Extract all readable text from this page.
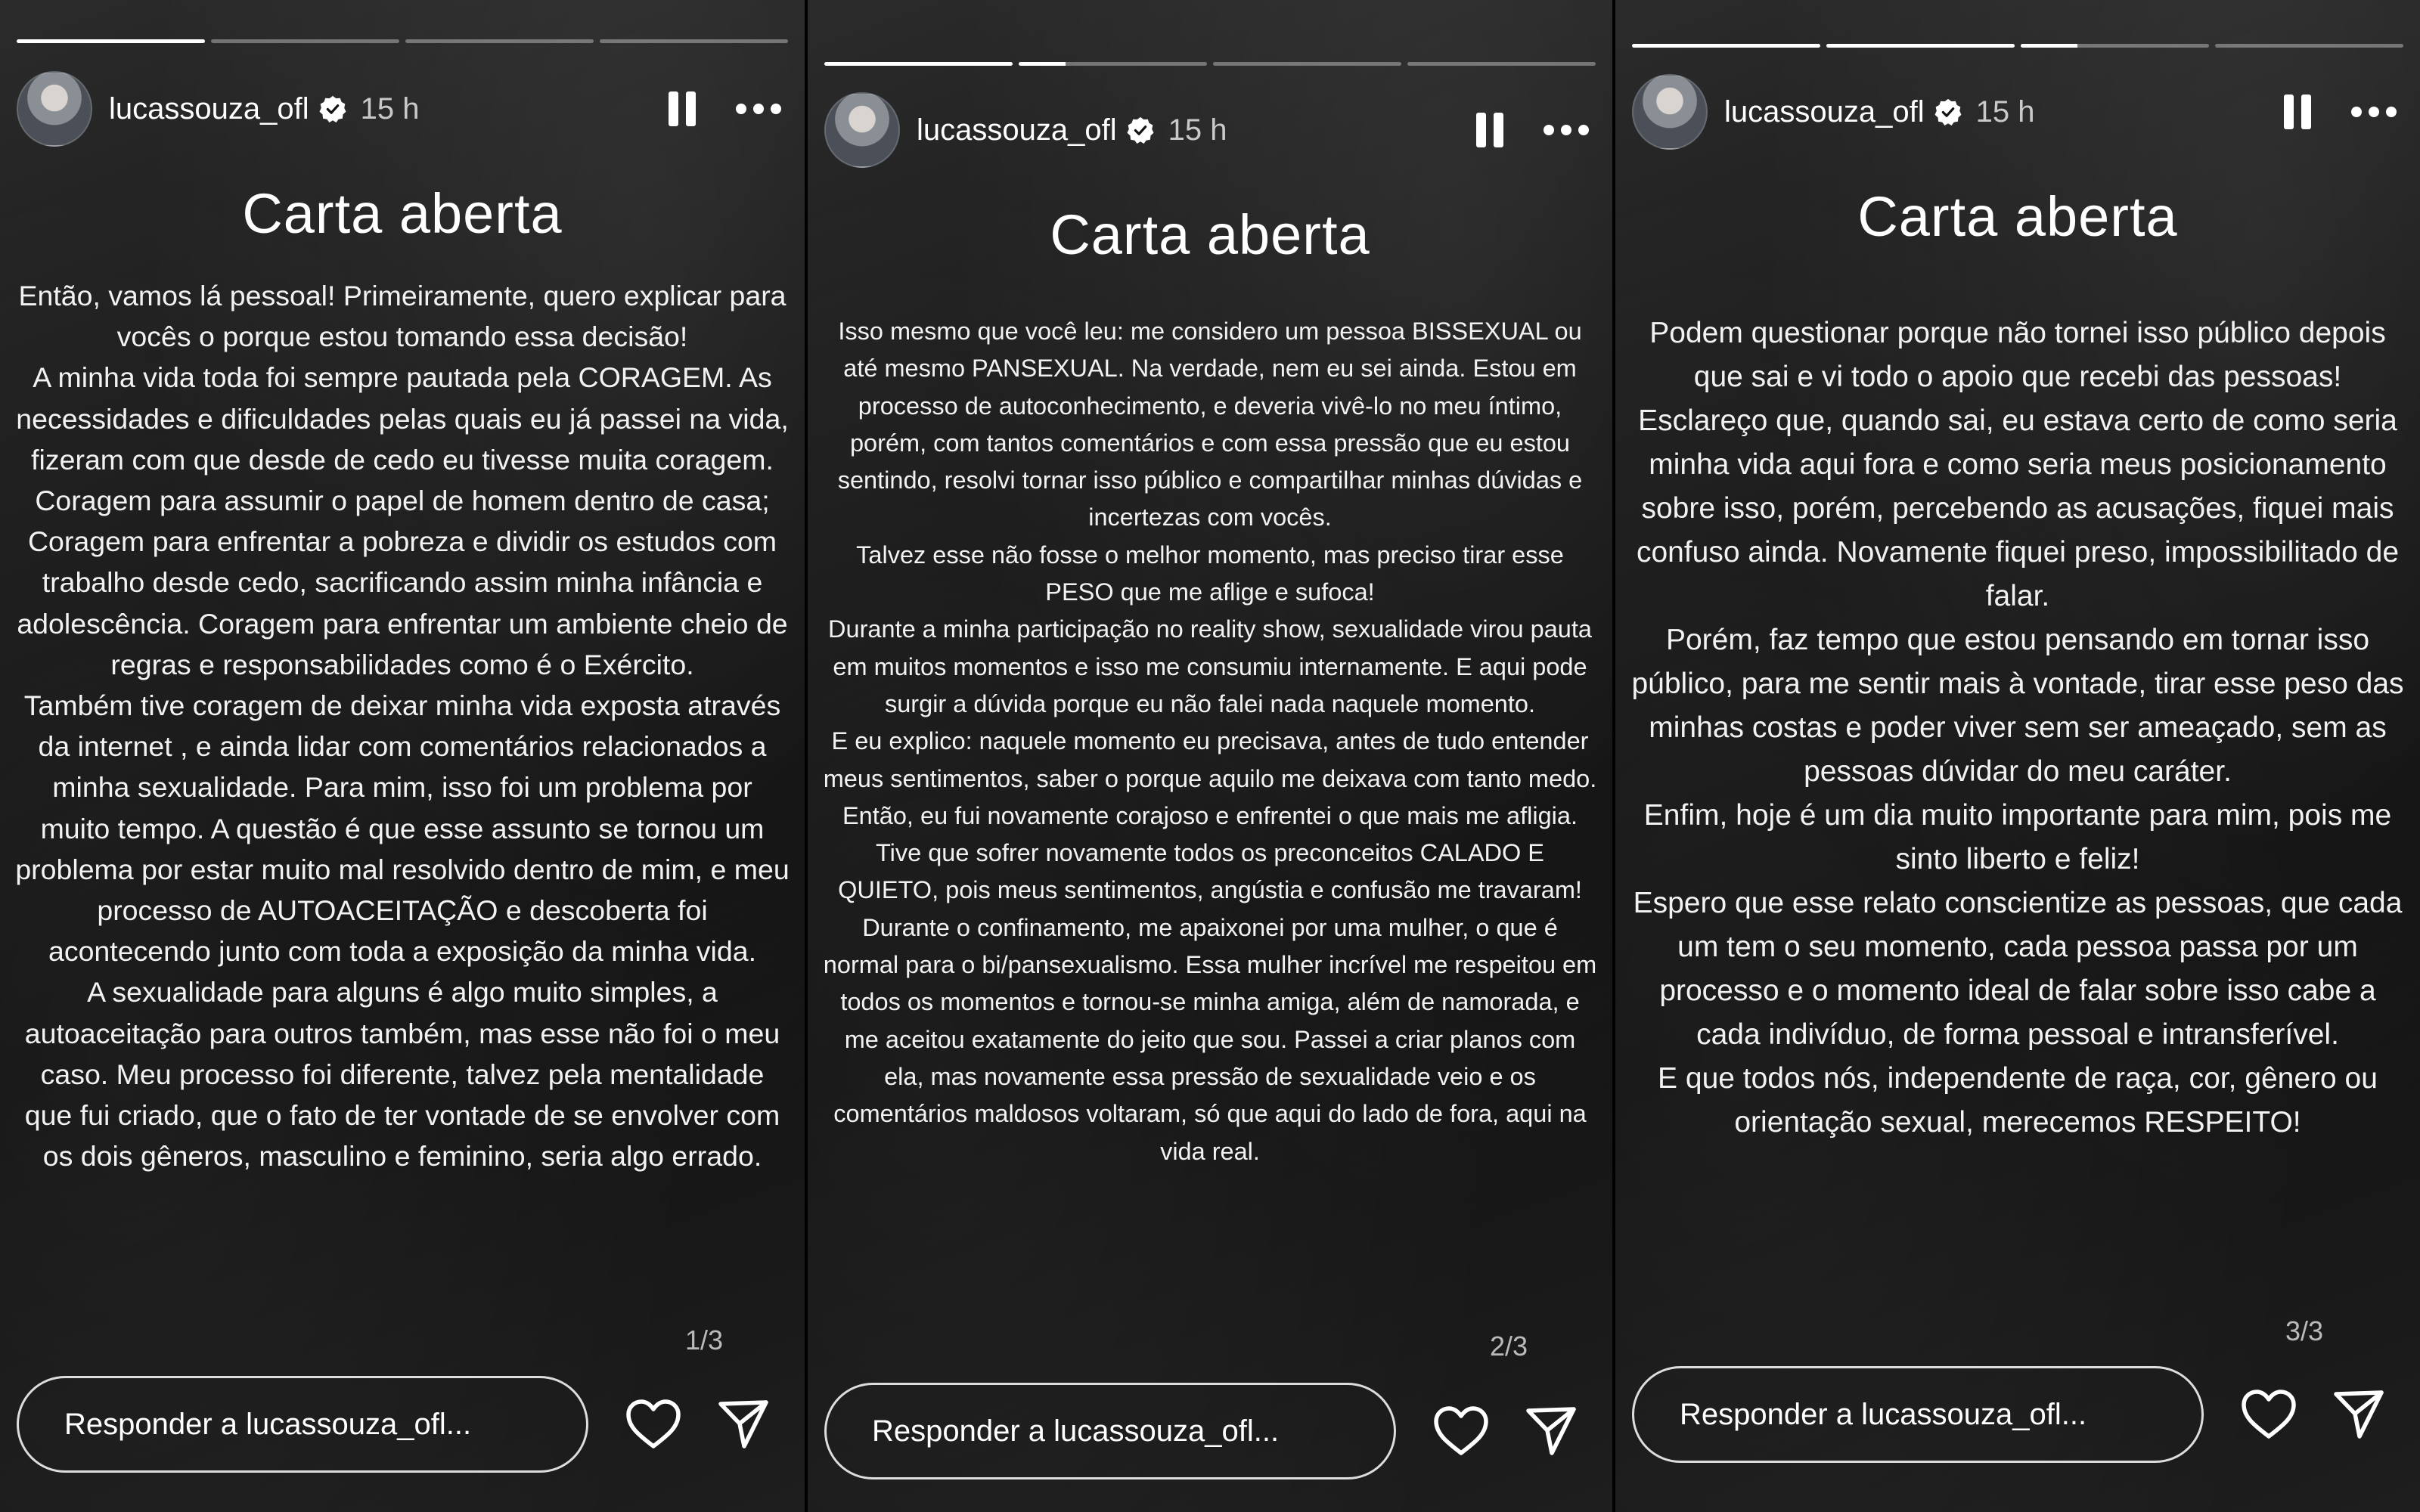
lucassouza_ofl 15 h
Carta aberta

Então, vamos lá pessoal! Primeiramente, quero explicar para vocês o porque estou tomando essa decisão!

A minha vida toda foi sempre pautada pela CORAGEM. As necessidades e dificuldades pelas quais eu já passei na vida, fizeram com que desde de cedo eu tivesse muita coragem.

Coragem para assumir o papel de homem dentro de casa; Coragem para enfrentar a pobreza e dividir os estudos com trabalho desde cedo, sacrificando assim minha infância e adolescência. Coragem para enfrentar um ambiente cheio de regras e responsabilidades como é o Exército.

Também tive coragem de deixar minha vida exposta através da internet , e ainda lidar com comentários relacionados a minha sexualidade. Para mim, isso foi um problema por muito tempo. A questão é que esse assunto se tornou um problema por estar muito mal resolvido dentro de mim, e meu processo de AUTOACEITAÇÃO e descoberta foi acontecendo junto com toda a exposição da minha vida.

A sexualidade para alguns é algo muito simples, a autoaceitação para outros também, mas esse não foi o meu caso. Meu processo foi diferente, talvez pela mentalidade que fui criado, que o fato de ter vontade de se envolver com os dois gêneros, masculino e feminino, seria algo errado.

1/3
Responder a lucassouza_ofl...
lucassouza_ofl 15 h
Carta aberta

Isso mesmo que você leu: me considero um pessoa BISSEXUAL ou até mesmo PANSEXUAL. Na verdade, nem eu sei ainda. Estou em processo de autoconhecimento, e deveria vivê-lo no meu íntimo, porém, com tantos comentários e com essa pressão que eu estou sentindo, resolvi tornar isso público e compartilhar minhas dúvidas e incertezas com vocês.

Talvez esse não fosse o melhor momento, mas preciso tirar esse PESO que me aflige e sufoca!

Durante a minha participação no reality show, sexualidade virou pauta em muitos momentos e isso me consumiu internamente. E aqui pode surgir a dúvida porque eu não falei nada naquele momento.

E eu explico: naquele momento eu precisava, antes de tudo entender meus sentimentos, saber o porque aquilo me deixava com tanto medo. Então, eu fui novamente corajoso e enfrentei o que mais me afligia. Tive que sofrer novamente todos os preconceitos CALADO E QUIETO, pois meus sentimentos, angústia e confusão me travaram!

Durante o confinamento, me apaixonei por uma mulher, o que é normal para o bi/pansexualismo. Essa mulher incrível me respeitou em todos os momentos e tornou-se minha amiga, além de namorada, e me aceitou exatamente do jeito que sou. Passei a criar planos com ela, mas novamente essa pressão de sexualidade veio e os comentários maldosos voltaram, só que aqui do lado de fora, aqui na vida real.

2/3
Responder a lucassouza_ofl...
lucassouza_ofl 15 h
Carta aberta

Podem questionar porque não tornei isso público depois que sai e vi todo o apoio que recebi das pessoas!

Esclareço que, quando sai, eu estava certo de como seria minha vida aqui fora e como seria meus posicionamento sobre isso, porém, percebendo as acusações, fiquei mais confuso ainda. Novamente fiquei preso, impossibilitado de falar.

Porém, faz tempo que estou pensando em tornar isso público, para me sentir mais à vontade, tirar esse peso das minhas costas e poder viver sem ser ameaçado, sem as pessoas dúvidar do meu caráter.

Enfim, hoje é um dia muito importante para mim, pois me sinto liberto e feliz!

Espero que esse relato conscientize as pessoas, que cada um tem o seu momento, cada pessoa passa por um processo e o momento ideal de falar sobre isso cabe a cada indivíduo, de forma pessoal e intransferível.

E que todos nós, independente de raça, cor, gênero ou orientação sexual, merecemos RESPEITO!

3/3
Responder a lucassouza_ofl...
